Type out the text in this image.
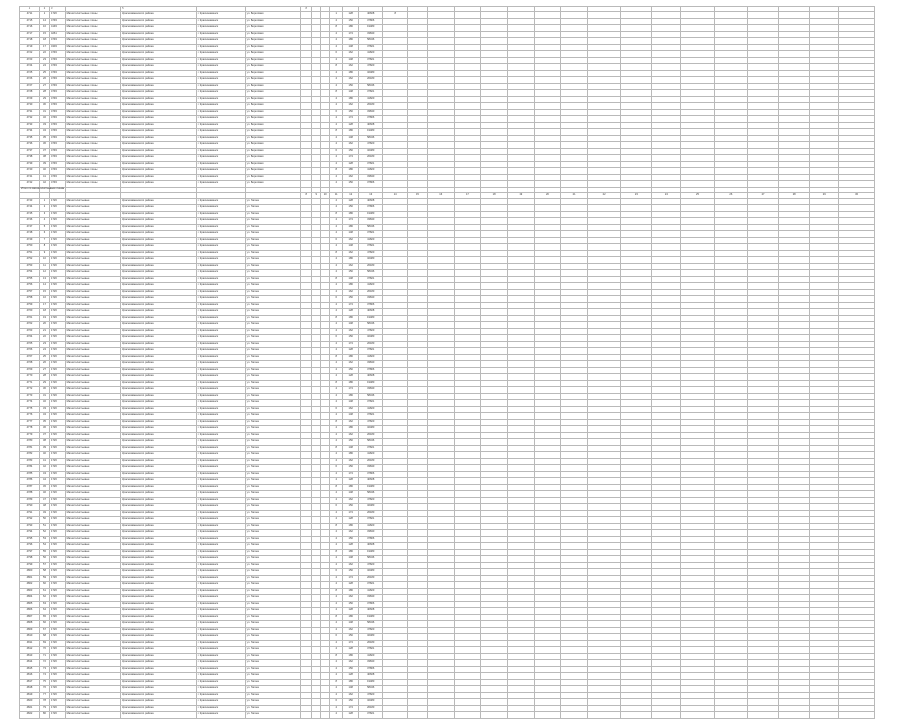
1	2	3		5			8																						
4711	1	1726	Магнитолистьевые глины	Краснокаменского района	г. Краснокаменск	ул. Береговая				1	128	40608	8																
4715	14	4793	Магнитолистьевые глины	Краснокаменского района	г. Краснокаменск	ул. Береговая				4	150	37806																	
4716	16	4193	Магнитолистьевые глины	Краснокаменского района	г. Краснокаменск	ул. Береговая				8	186	19480																	
4717	15	4261	Магнитолистьевые глины	Краснокаменского района	г. Краснокаменск	ул. Береговая				4	174	33840																	
4718	18	4793	Магнитолистьевые глины	Краснокаменского района	г. Краснокаменск	ул. Береговая				4	186	58436																	
4719	17	4303	Магнитолистьевые глины	Краснокаменского района	г. Краснокаменск	ул. Береговая				4	148	37821																	
4722	22	4793	Магнитолистьевые глины	Краснокаменского района	г. Краснокаменск	ул. Береговая				6	162	41820																	
4723	23	4793	Магнитолистьевые глины	Краснокаменского района	г. Краснокаменск	ул. Береговая				4	148	37821																	
4724	24	4793	Магнитолистьевые глины	Краснокаменского района	г. Краснокаменск	ул. Береговая				8	162	47820																	
4725	25	4793	Магнитолистьевые глины	Краснокаменского района	г. Краснокаменск	ул. Береговая				4	186	32480																	
4726	26	4793	Магнитолистьевые глины	Краснокаменского района	г. Краснокаменск	ул. Береговая				4	162	26180																	
4727	27	4793	Магнитолистьевые глины	Краснокаменского района	г. Краснокаменск	ул. Береговая				4	150	58436																	
4728	28	4793	Магнитолистьевые глины	Краснокаменского района	г. Краснокаменск	ул. Береговая				8	148	37821																	
4729	29	4793	Магнитолистьевые глины	Краснокаменского района	г. Краснокаменск	ул. Береговая				4	186	41820																	
4730	30	4793	Магнитолистьевые глины	Краснокаменского района	г. Краснокаменск	ул. Береговая				4	162	26180																	
4731	31	4793	Магнитолистьевые глины	Краснокаменского района	г. Краснокаменск	ул. Береговая				6	150	33840																	
4732	32	4793	Магнитолистьевые глины	Краснокаменского района	г. Краснокаменск	ул. Береговая				4	174	37806																	
4733	33	4793	Магнитолистьевые глины	Краснокаменского района	г. Краснокаменск	ул. Береговая				4	128	40608																	
4734	34	4793	Магнитолистьевые глины	Краснокаменского района	г. Краснокаменск	ул. Береговая				8	186	19480																	
4735	35	4793	Магнитолистьевые глины	Краснокаменского района	г. Краснокаменск	ул. Береговая				4	148	58436																	
4736	36	4793	Магнитолистьевые глины	Краснокаменского района	г. Краснокаменск	ул. Береговая				4	162	47820																	
4737	37	4793	Магнитолистьевые глины	Краснокаменского района	г. Краснокаменск	ул. Береговая				6	150	32480																	
4738	38	4793	Магнитолистьевые глины	Краснокаменского района	г. Краснокаменск	ул. Береговая				4	174	26180																	
4739	39	4793	Магнитолистьевые глины	Краснокаменского района	г. Краснокаменск	ул. Береговая				4	128	37821																	
4740	40	4793	Магнитолистьевые глины	Краснокаменского района	г. Краснокаменск	ул. Береговая				8	186	41820																	
4741	41	4793	Магнитолистьевые глины	Краснокаменского района	г. Краснокаменск	ул. Береговая				4	162	33840																	
4742	42	4793	Магнитолистьевые глины	Краснокаменского района	г. Краснокаменск	ул. Береговая				4	150	37806																	
Итого по магнитолистьевым глинам																													
							8	9	10	11	12	13	14	15	16	17	18	19	20	21	22	23	24	25	26	27	28	29	30
4743	1	1726	Магнитолистьевые	Краснокаменского района	г. Краснокаменск	ул. Гагина				4	128	40608																	
4744	2	1726	Магнитолистьевые	Краснокаменского района	г. Краснокаменск	ул. Гагина				4	150	37806																	
4745	3	1726	Магнитолистьевые	Краснокаменского района	г. Краснокаменск	ул. Гагина				8	186	19480																	
4746	4	1726	Магнитолистьевые	Краснокаменского района	г. Краснокаменск	ул. Гагина				4	174	33840																	
4747	5	1726	Магнитолистьевые	Краснокаменского района	г. Краснокаменск	ул. Гагина				4	186	58436																	
4748	6	1726	Магнитолистьевые	Краснокаменского района	г. Краснокаменск	ул. Гагина				4	148	37821																	
4749	7	1726	Магнитолистьевые	Краснокаменского района	г. Краснокаменск	ул. Гагина				6	162	41820																	
4750	8	1726	Магнитолистьевые	Краснокаменского района	г. Краснокаменск	ул. Гагина				4	148	37821																	
4751	9	1726	Магнитолистьевые	Краснокаменского района	г. Краснокаменск	ул. Гагина				8	162	47820																	
4752	10	1726	Магнитолистьевые	Краснокаменского района	г. Краснокаменск	ул. Гагина				4	186	32480																	
4753	11	1726	Магнитолистьевые	Краснокаменского района	г. Краснокаменск	ул. Гагина				4	162	26180																	
4754	12	1726	Магнитолистьевые	Краснокаменского района	г. Краснокаменск	ул. Гагина				4	150	58436																	
4755	13	1726	Магнитолистьевые	Краснокаменского района	г. Краснокаменск	ул. Гагина				8	148	37821																	
4756	14	1726	Магнитолистьевые	Краснокаменского района	г. Краснокаменск	ул. Гагина				4	186	41820																	
4757	15	1726	Магнитолистьевые	Краснокаменского района	г. Краснокаменск	ул. Гагина				4	162	26180																	
4758	16	1726	Магнитолистьевые	Краснокаменского района	г. Краснокаменск	ул. Гагина				6	150	33840																	
4759	17	1726	Магнитолистьевые	Краснокаменского района	г. Краснокаменск	ул. Гагина				4	174	37806																	
4760	18	1726	Магнитолистьевые	Краснокаменского района	г. Краснокаменск	ул. Гагина				4	128	40608																	
4761	19	1726	Магнитолистьевые	Краснокаменского района	г. Краснокаменск	ул. Гагина				8	186	19480																	
4762	20	1726	Магнитолистьевые	Краснокаменского района	г. Краснокаменск	ул. Гагина				4	148	58436																	
4763	21	1726	Магнитолистьевые	Краснокаменского района	г. Краснокаменск	ул. Гагина				4	162	47820																	
4764	22	1726	Магнитолистьевые	Краснокаменского района	г. Краснокаменск	ул. Гагина				6	150	32480																	
4765	23	1726	Магнитолистьевые	Краснокаменского района	г. Краснокаменск	ул. Гагина				4	174	26180																	
4766	24	1726	Магнитолистьевые	Краснокаменского района	г. Краснокаменск	ул. Гагина				4	128	37821																	
4767	25	1726	Магнитолистьевые	Краснокаменского района	г. Краснокаменск	ул. Гагина				8	186	41820																	
4768	26	1726	Магнитолистьевые	Краснокаменского района	г. Краснокаменск	ул. Гагина				4	162	33840																	
4769	27	1726	Магнитолистьевые	Краснокаменского района	г. Краснокаменск	ул. Гагина				4	150	37806																	
4770	28	1726	Магнитолистьевые	Краснокаменского района	г. Краснокаменск	ул. Гагина				4	128	40608																	
4771	29	1726	Магнитолистьевые	Краснокаменского района	г. Краснокаменск	ул. Гагина				8	186	19480																	
4772	30	1726	Магнитолистьевые	Краснокаменского района	г. Краснокаменск	ул. Гагина				4	174	33840																	
4773	31	1726	Магнитолистьевые	Краснокаменского района	г. Краснокаменск	ул. Гагина				4	186	58436																	
4774	32	1726	Магнитолистьевые	Краснокаменского района	г. Краснокаменск	ул. Гагина				4	148	37821																	
4775	33	1726	Магнитолистьевые	Краснокаменского района	г. Краснокаменск	ул. Гагина				6	162	41820																	
4776	34	1726	Магнитолистьевые	Краснокаменского района	г. Краснокаменск	ул. Гагина				4	148	37821																	
4777	35	1726	Магнитолистьевые	Краснокаменского района	г. Краснокаменск	ул. Гагина				8	162	47820																	
4778	36	1726	Магнитолистьевые	Краснокаменского района	г. Краснокаменск	ул. Гагина				4	186	32480																	
4779	37	1726	Магнитолистьевые	Краснокаменского района	г. Краснокаменск	ул. Гагина				4	162	26180																	
4780	38	1726	Магнитолистьевые	Краснокаменского района	г. Краснокаменск	ул. Гагина				4	150	58436																	
4781	39	1726	Магнитолистьевые	Краснокаменского района	г. Краснокаменск	ул. Гагина				8	148	37821																	
4782	40	1726	Магнитолистьевые	Краснокаменского района	г. Краснокаменск	ул. Гагина				4	186	41820																	
4783	41	1726	Магнитолистьевые	Краснокаменского района	г. Краснокаменск	ул. Гагина				4	162	26180																	
4784	42	1726	Магнитолистьевые	Краснокаменского района	г. Краснокаменск	ул. Гагина				6	150	33840																	
4785	43	1726	Магнитолистьевые	Краснокаменского района	г. Краснокаменск	ул. Гагина				4	174	37806																	
4786	44	1726	Магнитолистьевые	Краснокаменского района	г. Краснокаменск	ул. Гагина				4	128	40608																	
4787	45	1726	Магнитолистьевые	Краснокаменского района	г. Краснокаменск	ул. Гагина				8	186	19480																	
4788	46	1726	Магнитолистьевые	Краснокаменского района	г. Краснокаменск	ул. Гагина				4	148	58436																	
4789	47	1726	Магнитолистьевые	Краснокаменского района	г. Краснокаменск	ул. Гагина				4	162	47820																	
4790	48	1726	Магнитолистьевые	Краснокаменского района	г. Краснокаменск	ул. Гагина				6	150	32480																	
4791	49	1726	Магнитолистьевые	Краснокаменского района	г. Краснокаменск	ул. Гагина				4	174	26180																	
4792	50	1726	Магнитолистьевые	Краснокаменского района	г. Краснокаменск	ул. Гагина				4	128	37821																	
4793	51	1726	Магнитолистьевые	Краснокаменского района	г. Краснокаменск	ул. Гагина				8	186	41820																	
4794	52	1726	Магнитолистьевые	Краснокаменского района	г. Краснокаменск	ул. Гагина				4	162	33840																	
4795	53	1726	Магнитолистьевые	Краснокаменского района	г. Краснокаменск	ул. Гагина				4	150	37806																	
4796	54	1726	Магнитолистьевые	Краснокаменского района	г. Краснокаменск	ул. Гагина				4	128	40608																	
4797	55	1726	Магнитолистьевые	Краснокаменского района	г. Краснокаменск	ул. Гагина				8	186	19480																	
4798	56	1726	Магнитолистьевые	Краснокаменского района	г. Краснокаменск	ул. Гагина				4	148	58436																	
4799	57	1726	Магнитолистьевые	Краснокаменского района	г. Краснокаменск	ул. Гагина				4	162	47820																	
4800	58	1726	Магнитолистьевые	Краснокаменского района	г. Краснокаменск	ул. Гагина				6	150	32480																	
4801	59	1726	Магнитолистьевые	Краснокаменского района	г. Краснокаменск	ул. Гагина				4	174	26180																	
4802	60	1726	Магнитолистьевые	Краснокаменского района	г. Краснокаменск	ул. Гагина				4	128	37821																	
4803	61	1726	Магнитолистьевые	Краснокаменского района	г. Краснокаменск	ул. Гагина				8	186	41820																	
4804	62	1726	Магнитолистьевые	Краснокаменского района	г. Краснокаменск	ул. Гагина				4	162	33840																	
4805	63	1726	Магнитолистьевые	Краснокаменского района	г. Краснокаменск	ул. Гагина				4	150	37806																	
4806	64	1726	Магнитолистьевые	Краснокаменского района	г. Краснокаменск	ул. Гагина				4	128	40608																	
4807	65	1726	Магнитолистьевые	Краснокаменского района	г. Краснокаменск	ул. Гагина				8	186	19480																	
4808	66	1726	Магнитолистьевые	Краснокаменского района	г. Краснокаменск	ул. Гагина				4	148	58436																	
4809	67	1726	Магнитолистьевые	Краснокаменского района	г. Краснокаменск	ул. Гагина				4	162	47820																	
4810	68	1726	Магнитолистьевые	Краснокаменского района	г. Краснокаменск	ул. Гагина				6	150	32480																	
4811	69	1726	Магнитолистьевые	Краснокаменского района	г. Краснокаменск	ул. Гагина				4	174	26180																	
4812	70	1726	Магнитолистьевые	Краснокаменского района	г. Краснокаменск	ул. Гагина				4	128	37821																	
4813	71	1726	Магнитолистьевые	Краснокаменского района	г. Краснокаменск	ул. Гагина				8	186	41820																	
4814	72	1726	Магнитолистьевые	Краснокаменского района	г. Краснокаменск	ул. Гагина				4	162	33840																	
4815	73	1726	Магнитолистьевые	Краснокаменского района	г. Краснокаменск	ул. Гагина				4	150	37806																	
4816	74	1726	Магнитолистьевые	Краснокаменского района	г. Краснокаменск	ул. Гагина				4	128	40608																	
4817	75	1726	Магнитолистьевые	Краснокаменского района	г. Краснокаменск	ул. Гагина				8	186	19480																	
4818	76	1726	Магнитолистьевые	Краснокаменского района	г. Краснокаменск	ул. Гагина				4	148	58436																	
4819	77	1726	Магнитолистьевые	Краснокаменского района	г. Краснокаменск	ул. Гагина				4	162	47820																	
4820	78	1726	Магнитолистьевые	Краснокаменского района	г. Краснокаменск	ул. Гагина				6	150	32480																	
4821	79	1726	Магнитолистьевые	Краснокаменского района	г. Краснокаменск	ул. Гагина				4	174	26180																	
4822	80	1726	Магнитолистьевые	Краснокаменского района	г. Краснокаменск	ул. Гагина				4	128	37821																	
